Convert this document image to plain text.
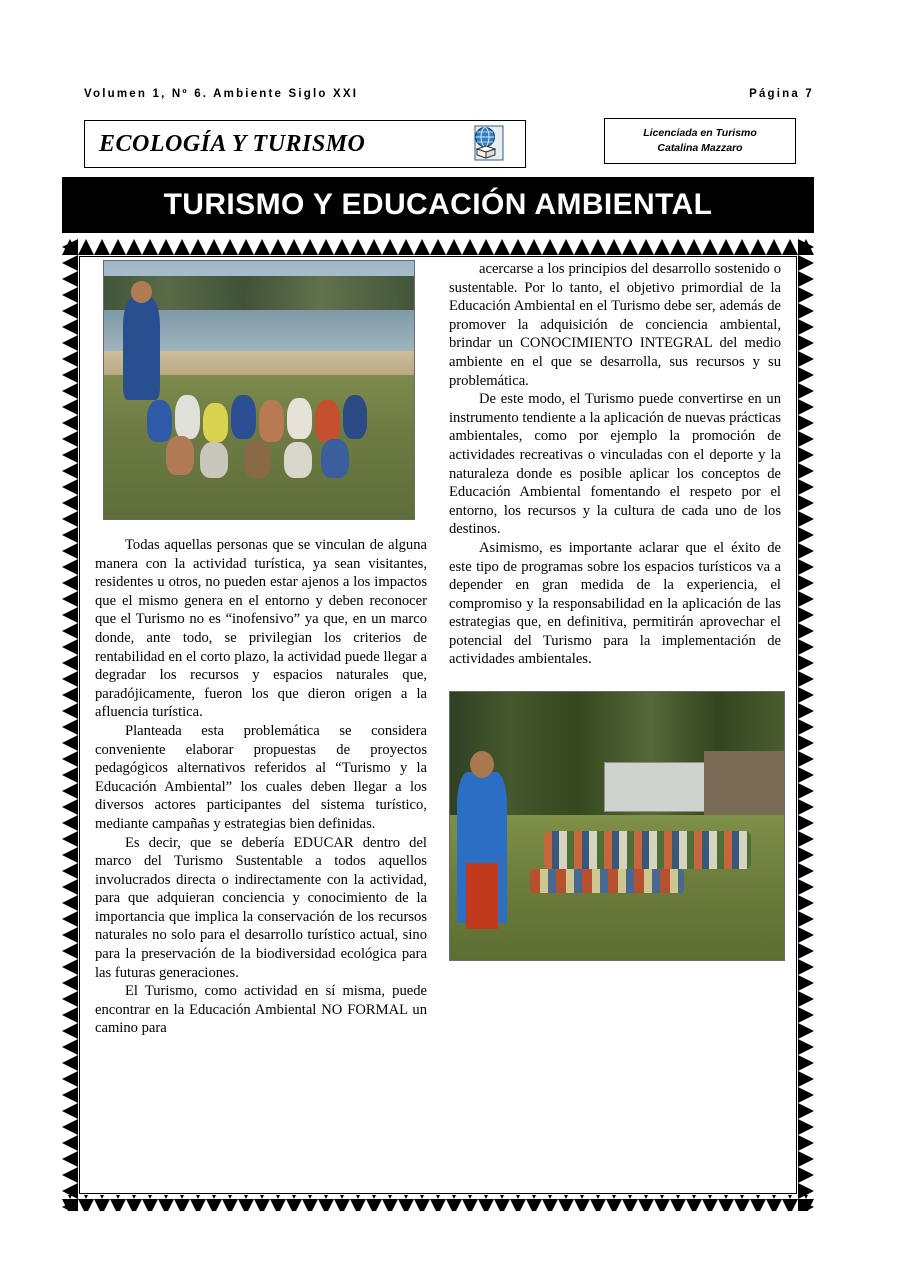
Volumen 1, Nº 6. Ambiente Siglo XXI	Página 7
ECOLOGÍA Y TURISMO	Licenciada en Turismo
Catalina Mazzaro
TURISMO Y EDUCACIÓN AMBIENTAL

Todas aquellas personas que se vinculan de alguna manera con la actividad turística, ya sean visitantes, residentes u otros, no pueden estar ajenos a los impactos que el mismo genera en el entorno y deben reconocer que el Turismo no es “inofensivo” ya que, en un marco donde, ante todo, se privilegian los criterios de rentabilidad en el corto plazo, la actividad puede llegar a degradar los recursos y espacios naturales que, paradójicamente, fueron los que dieron origen a la afluencia turística.

Planteada esta problemática se considera conveniente elaborar propuestas de proyectos pedagógicos alternativos referidos al “Turismo y la Educación Ambiental” los cuales deben llegar a los diversos actores participantes del sistema turístico, mediante campañas y estrategias bien definidas.

Es decir, que se debería EDUCAR dentro del marco del Turismo Sustentable a todos aquellos involucrados directa o indirectamente con la actividad, para que adquieran conciencia y conocimiento de la importancia que implica la conservación de los recursos naturales no solo para el desarrollo turístico actual, sino para la preservación de la biodiversidad ecológica para las futuras generaciones.

El Turismo, como actividad en sí misma, puede encontrar en la Educación Ambiental NO FORMAL un camino para

acercarse a los principios del desarrollo sostenido o sustentable. Por lo tanto, el objetivo primordial de la Educación Ambiental en el Turismo debe ser, además de promover la adquisición de conciencia ambiental, brindar un CONOCIMIENTO INTEGRAL del medio ambiente en el que se desarrolla, sus recursos y su problemática.

De este modo, el Turismo puede convertirse en un instrumento tendiente a la aplicación de nuevas prácticas ambientales, como por ejemplo la promoción de actividades recreativas o vinculadas con el deporte y la naturaleza donde es posible aplicar los conceptos de Educación Ambiental fomentando el respeto por el entorno, los recursos y la cultura de cada uno de los destinos.

Asimismo, es importante aclarar que el éxito de este tipo de programas sobre los espacios turísticos va a depender en gran medida de la experiencia, el compromiso y la responsabilidad en la aplicación de las estrategias que, en definitiva, permitirán aprovechar el potencial del Turismo para la implementación de actividades ambientales.
